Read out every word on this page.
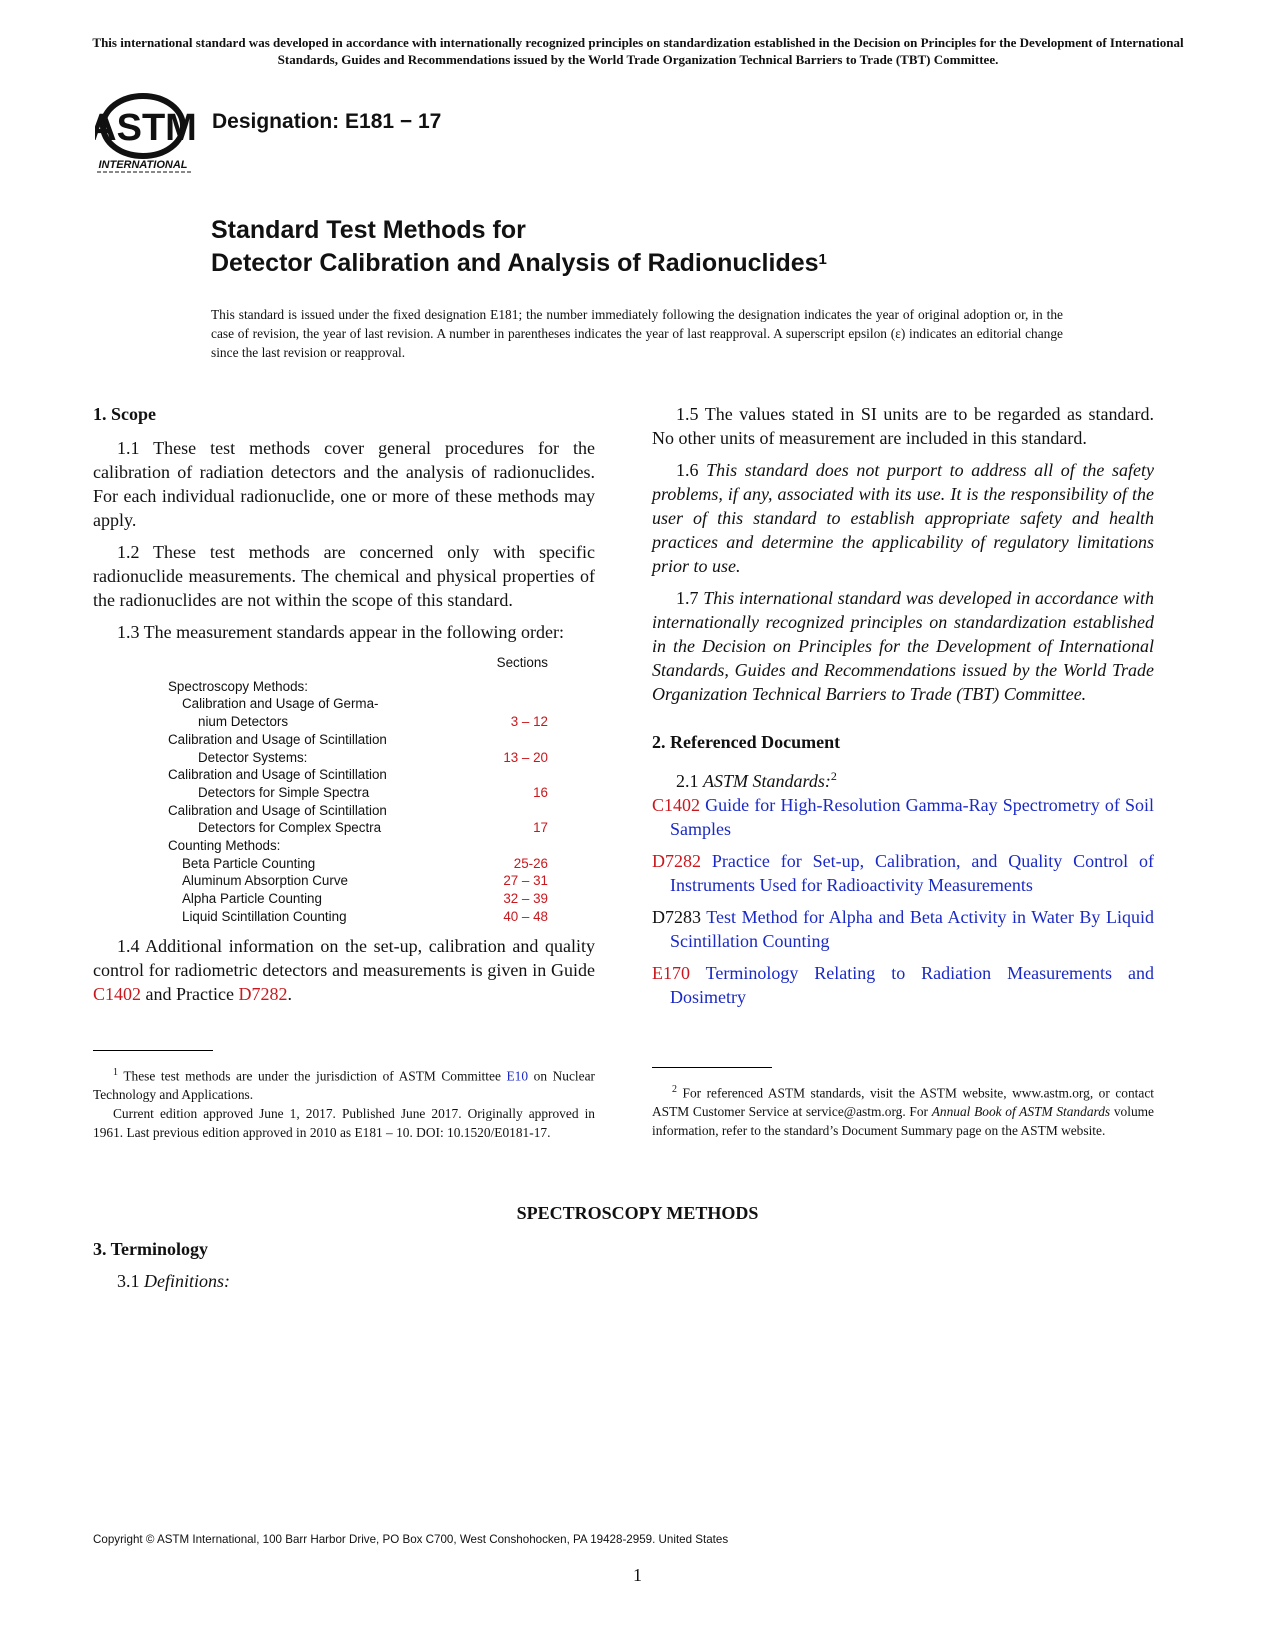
This international standard was developed in accordance with internationally recognized principles on standardization established in the Decision on Principles for the Development of International Standards, Guides and Recommendations issued by the World Trade Organization Technical Barriers to Trade (TBT) Committee.
ASTM
INTERNATIONAL
Designation: E181 − 17
Standard Test Methods for
Detector Calibration and Analysis of Radionuclides$^1$
This standard is issued under the fixed designation E181; the number immediately following the designation indicates the year of original adoption or, in the case of revision, the year of last revision. A number in parentheses indicates the year of last reapproval. A superscript epsilon (ε) indicates an editorial change since the last revision or reapproval.
1. Scope

1.1 These test methods cover general procedures for the calibration of radiation detectors and the analysis of radionuclides. For each individual radionuclide, one or more of these methods may apply.

1.2 These test methods are concerned only with specific radionuclide measurements. The chemical and physical properties of the radionuclides are not within the scope of this standard.

1.3 The measurement standards appear in the following order:

Sections
Spectroscopy Methods:
Calibration and Usage of Germa-
nium Detectors	3 – 12
Calibration and Usage of Scintillation
Detector Systems:	13 – 20
Calibration and Usage of Scintillation
Detectors for Simple Spectra	16
Calibration and Usage of Scintillation
Detectors for Complex Spectra	17
Counting Methods:
Beta Particle Counting	25-26
Aluminum Absorption Curve	27 – 31
Alpha Particle Counting	32 – 39
Liquid Scintillation Counting	40 – 48

1.4 Additional information on the set-up, calibration and quality control for radiometric detectors and measurements is given in Guide C1402 and Practice D7282.

1.5 The values stated in SI units are to be regarded as standard. No other units of measurement are included in this standard.

1.6 This standard does not purport to address all of the safety problems, if any, associated with its use. It is the responsibility of the user of this standard to establish appropriate safety and health practices and determine the applicability of regulatory limitations prior to use.

1.7 This international standard was developed in accordance with internationally recognized principles on standardization established in the Decision on Principles for the Development of International Standards, Guides and Recommendations issued by the World Trade Organization Technical Barriers to Trade (TBT) Committee.

2. Referenced Document

2.1 ASTM Standards:$^2$

C1402 Guide for High-Resolution Gamma-Ray Spectrometry of Soil Samples

D7282 Practice for Set-up, Calibration, and Quality Control of Instruments Used for Radioactivity Measurements

D7283 Test Method for Alpha and Beta Activity in Water By Liquid Scintillation Counting

E170 Terminology Relating to Radiation Measurements and Dosimetry

$^1$ These test methods are under the jurisdiction of ASTM Committee E10 on Nuclear Technology and Applications.

Current edition approved June 1, 2017. Published June 2017. Originally approved in 1961. Last previous edition approved in 2010 as E181 – 10. DOI: 10.1520/E0181-17.

$^2$ For referenced ASTM standards, visit the ASTM website, www.astm.org, or contact ASTM Customer Service at service@astm.org. For Annual Book of ASTM Standards volume information, refer to the standard’s Document Summary page on the ASTM website.

SPECTROSCOPY METHODS
3. Terminology
3.1 Definitions:
Copyright © ASTM International, 100 Barr Harbor Drive, PO Box C700, West Conshohocken, PA 19428-2959. United States
1
